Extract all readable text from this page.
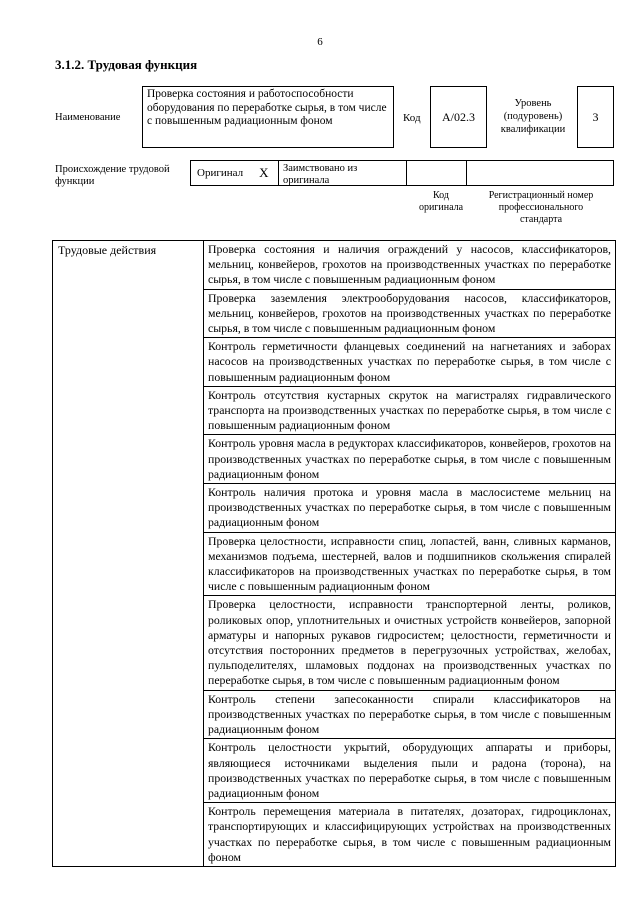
6
3.1.2. Трудовая функция
Наименование
Проверка состояния и работоспособности оборудования по переработке сырья, в том числе с повышенным радиационным фоном	Код А/02.3
Уровень (подуровень) квалификации
3
Происхождение трудовой функции
Оригинал X	Заимствовано из оригинала
Код оригинала
Регистрационный номер профессионального стандарта
Трудовые действия	Проверка состояния и наличия ограждений у насосов, классификаторов, мельниц, конвейеров, грохотов на производственных участках по переработке сырья, в том числе с повышенным радиационным фоном
Проверка заземления электрооборудования насосов, классификаторов, мельниц, конвейеров, грохотов на производственных участках по переработке сырья, в том числе с повышенным радиационным фоном
Контроль герметичности фланцевых соединений на нагнетаниях и заборах насосов на производственных участках по переработке сырья, в том числе с повышенным радиационным фоном
Контроль отсутствия кустарных скруток на магистралях гидравлического транспорта на производственных участках по переработке сырья, в том числе с повышенным радиационным фоном
Контроль уровня масла в редукторах классификаторов, конвейеров, грохотов на производственных участках по переработке сырья, в том числе с повышенным радиационным фоном
Контроль наличия протока и уровня масла в маслосистеме мельниц на производственных участках по переработке сырья, в том числе с повышенным радиационным фоном
Проверка целостности, исправности спиц, лопастей, ванн, сливных карманов, механизмов подъема, шестерней, валов и подшипников скольжения спиралей классификаторов на производственных участках по переработке сырья, в том числе с повышенным радиационным фоном
Проверка целостности, исправности транспортерной ленты, роликов, роликовых опор, уплотнительных и очистных устройств конвейеров, запорной арматуры и напорных рукавов гидросистем; целостности, герметичности и отсутствия посторонних предметов в перегрузочных устройствах, желобах, пульподелителях, шламовых поддонах на производственных участках по переработке сырья, в том числе с повышенным радиационным фоном
Контроль степени запесоканности спирали классификаторов на производственных участках по переработке сырья, в том числе с повышенным радиационным фоном
Контроль целостности укрытий, оборудующих аппараты и приборы, являющиеся источниками выделения пыли и радона (торона), на производственных участках по переработке сырья, в том числе с повышенным радиационным фоном
Контроль перемещения материала в питателях, дозаторах, гидроциклонах, транспортирующих и классифицирующих устройствах на производственных участках по переработке сырья, в том числе с повышенным радиационным фоном
